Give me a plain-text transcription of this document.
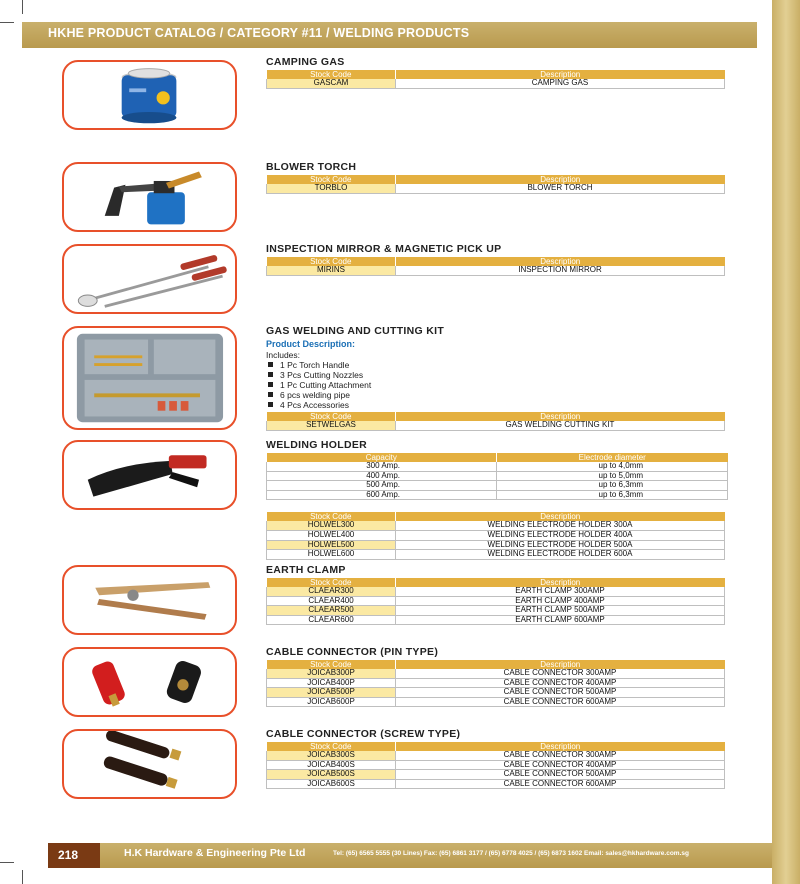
HKHE PRODUCT CATALOG / CATEGORY #11 / WELDING PRODUCTS
CAMPING GAS
Stock Code	Description
GASCAM	CAMPING GAS
BLOWER TORCH
Stock Code	Description
TORBLO	BLOWER TORCH
INSPECTION MIRROR & MAGNETIC PICK UP
Stock Code	Description
MIRINS	INSPECTION MIRROR
GAS WELDING AND CUTTING KIT
Product Description:
Includes:
1 Pc Torch Handle
3 Pcs Cutting Nozzles
1 Pc Cutting Attachment
6 pcs welding pipe
4 Pcs Accessories
Stock Code	Description
SETWELGAS	GAS WELDING CUTTING KIT
WELDING HOLDER
Capacity	Electrode diameter
300 Amp.	up to 4,0mm
400 Amp.	up to 5,0mm
500 Amp.	up to 6,3mm
600 Amp.	up to 6,3mm
Stock Code	Description
HOLWEL300	WELDING ELECTRODE HOLDER 300A
HOLWEL400	WELDING ELECTRODE HOLDER 400A
HOLWEL500	WELDING ELECTRODE HOLDER 500A
HOLWEL600	WELDING ELECTRODE HOLDER 600A
EARTH CLAMP
Stock Code	Description
CLAEAR300	EARTH CLAMP 300AMP
CLAEAR400	EARTH CLAMP 400AMP
CLAEAR500	EARTH CLAMP 500AMP
CLAEAR600	EARTH CLAMP 600AMP
CABLE CONNECTOR (PIN TYPE)
Stock Code	Description
JOICAB300P	CABLE CONNECTOR 300AMP
JOICAB400P	CABLE CONNECTOR 400AMP
JOICAB500P	CABLE CONNECTOR 500AMP
JOICAB600P	CABLE CONNECTOR 600AMP
CABLE CONNECTOR (SCREW TYPE)
Stock Code	Description
JOICAB300S	CABLE CONNECTOR 300AMP
JOICAB400S	CABLE CONNECTOR 400AMP
JOICAB500S	CABLE CONNECTOR 500AMP
JOICAB600S	CABLE CONNECTOR 600AMP
218	H.K Hardware & Engineering Pte Ltd	Tel: (65) 6565 5555 (30 Lines) Fax: (65) 6861 3177 / (65) 6778 4025 / (65) 6873 1602 Email: sales@hkhardware.com.sg
